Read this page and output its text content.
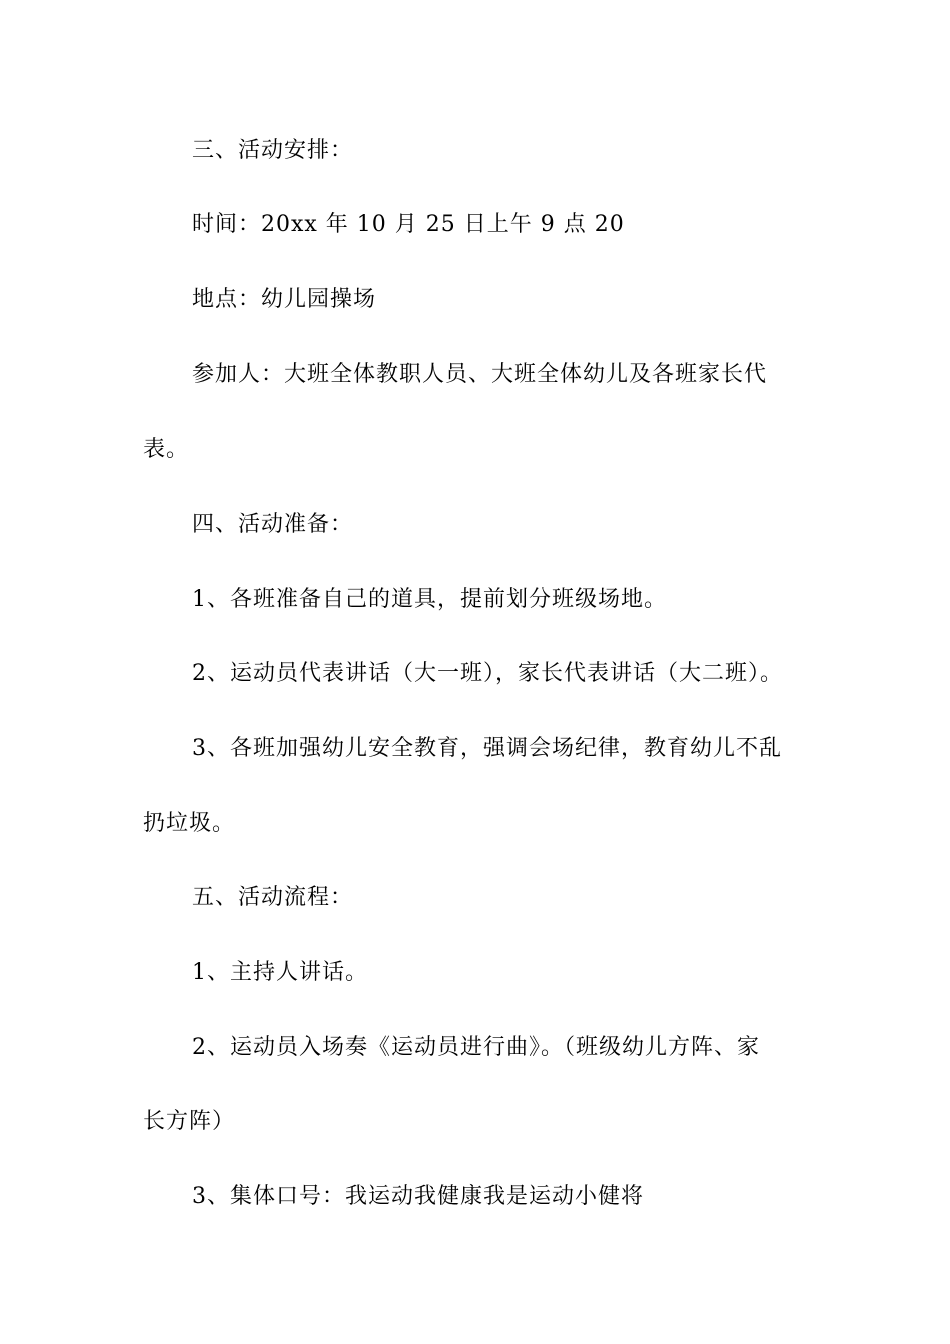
三、活动安排：
时间：20xx 年 10 月 25 日上午 9 点 20
地点：幼儿园操场
参加人：大班全体教职人员、大班全体幼儿及各班家长代
表。
四、活动准备：
1、各班准备自己的道具，提前划分班级场地。
2、运动员代表讲话（大一班），家长代表讲话（大二班）。
3、各班加强幼儿安全教育，强调会场纪律，教育幼儿不乱
扔垃圾。
五、活动流程：
1、主持人讲话。
2、运动员入场奏《运动员进行曲》。（班级幼儿方阵、家
长方阵）
3、集体口号：我运动我健康我是运动小健将
